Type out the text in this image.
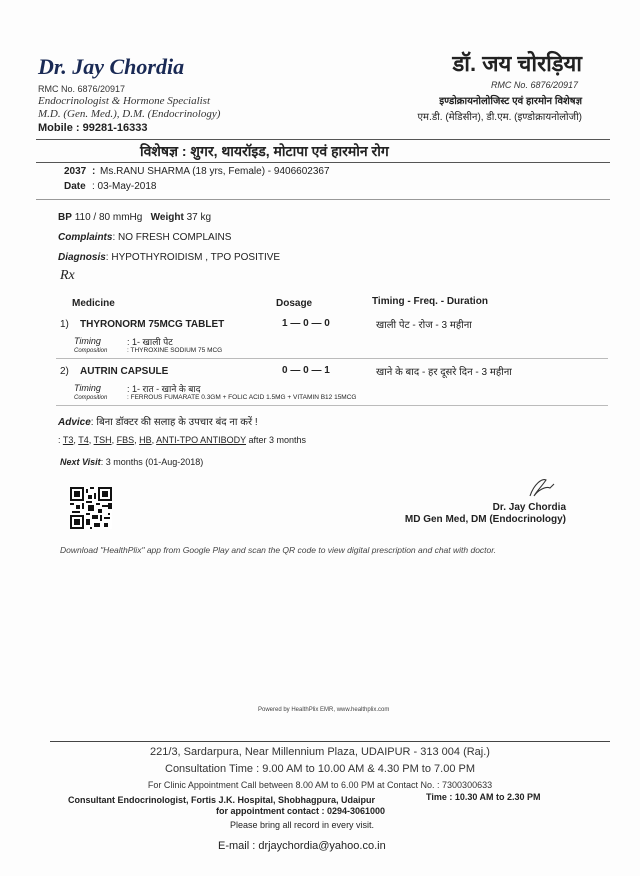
Dr. Jay Chordia
RMC No. 6876/20917
Endocrinologist & Hormone Specialist
M.D. (Gen. Med.), D.M. (Endocrinology)
Mobile : 99281-16333
डॉ. जय चोरड़िया
RMC No. 6876/20917
इण्डोक्रायनोलोजिस्ट एवं हारमोन विशेषज्ञ
एम.डी. (मेडिसीन), डी.एम. (इण्डोक्रायनोलोजी)
विशेषज्ञ : शुगर, थायरॉइड, मोटापा एवं हारमोन रोग
2037 : Ms.RANU SHARMA (18 yrs, Female) - 9406602367
Date : 03-May-2018
BP 110 / 80 mmHg Weight 37 kg
Complaints: NO FRESH COMPLAINS
Diagnosis: HYPOTHYROIDISM , TPO POSITIVE
Rx
Medicine	Dosage	Timing - Freq. - Duration
1) THYRONORM 75MCG TABLET	1 — 0 — 0	खाली पेट - रोज - 3 महीना
Timing	: 1- खाली पेट
Composition	: THYROXINE SODIUM 75 MCG
2) AUTRIN CAPSULE	0 — 0 — 1	खाने के बाद - हर दूसरे दिन - 3 महीना
Timing	: 1- रात - खाने के बाद
Composition	: FERROUS FUMARATE 0.3GM + FOLIC ACID 1.5MG + VITAMIN B12 15MCG
Advice: बिना डॉक्टर की सलाह के उपचार बंद ना करें !
: T3, T4, TSH, FBS, HB, ANTI-TPO ANTIBODY after 3 months
Next Visit: 3 months (01-Aug-2018)
Dr. Jay Chordia
MD Gen Med, DM (Endocrinology)
Download "HealthPlix" app from Google Play and scan the QR code to view digital prescription and chat with doctor.
Powered by HealthPlix EMR, www.healthplix.com
221/3, Sardarpura, Near Millennium Plaza, UDAIPUR - 313 004 (Raj.)
Consultation Time : 9.00 AM to 10.00 AM & 4.30 PM to 7.00 PM
For Clinic Appointment Call between 8.00 AM to 6.00 PM at Contact No. : 7300300633
Consultant Endocrinologist, Fortis J.K. Hospital, Shobhagpura, Udaipur	Time : 10.30 AM to 2.30 PM
for appointment contact : 0294-3061000
Please bring all record in every visit.
E-mail : drjaychordia@yahoo.co.in
